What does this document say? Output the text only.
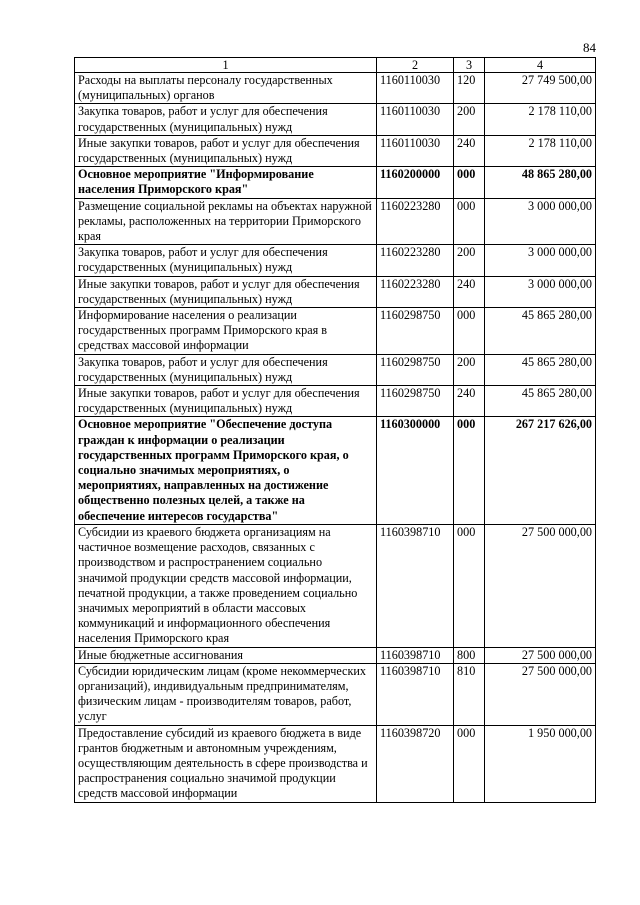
84
1	2	3	4
Расходы на выплаты персоналу государственных (муниципальных) органов	1160110030	120	27 749 500,00
Закупка товаров, работ и услуг для обеспечения государственных (муниципальных) нужд	1160110030	200	2 178 110,00
Иные закупки товаров, работ и услуг для обеспечения государственных (муниципальных) нужд	1160110030	240	2 178 110,00
Основное мероприятие "Информирование населения Приморского края"	1160200000	000	48 865 280,00
Размещение социальной рекламы на объектах наружной рекламы, расположенных на территории Приморского края	1160223280	000	3 000 000,00
Закупка товаров, работ и услуг для обеспечения государственных (муниципальных) нужд	1160223280	200	3 000 000,00
Иные закупки товаров, работ и услуг для обеспечения государственных (муниципальных) нужд	1160223280	240	3 000 000,00
Информирование населения о реализации государственных программ Приморского края в средствах массовой информации	1160298750	000	45 865 280,00
Закупка товаров, работ и услуг для обеспечения государственных (муниципальных) нужд	1160298750	200	45 865 280,00
Иные закупки товаров, работ и услуг для обеспечения государственных (муниципальных) нужд	1160298750	240	45 865 280,00
Основное мероприятие "Обеспечение доступа граждан к информации о реализации государственных программ Приморского края, о социально значимых мероприятиях, о мероприятиях, направленных на достижение общественно полезных целей, а также на обеспечение интересов государства"	1160300000	000	267 217 626,00
Субсидии из краевого бюджета организациям на частичное возмещение расходов, связанных с производством и распространением социально значимой продукции средств массовой информации, печатной продукции, а также проведением социально значимых мероприятий в области массовых коммуникаций и информационного обеспечения населения Приморского края	1160398710	000	27 500 000,00
Иные бюджетные ассигнования	1160398710	800	27 500 000,00
Субсидии юридическим лицам (кроме некоммерческих организаций), индивидуальным предпринимателям, физическим лицам - производителям товаров, работ, услуг	1160398710	810	27 500 000,00
Предоставление субсидий из краевого бюджета в виде грантов бюджетным и автономным учреждениям, осуществляющим деятельность в сфере производства и распространения социально значимой продукции средств массовой информации	1160398720	000	1 950 000,00
